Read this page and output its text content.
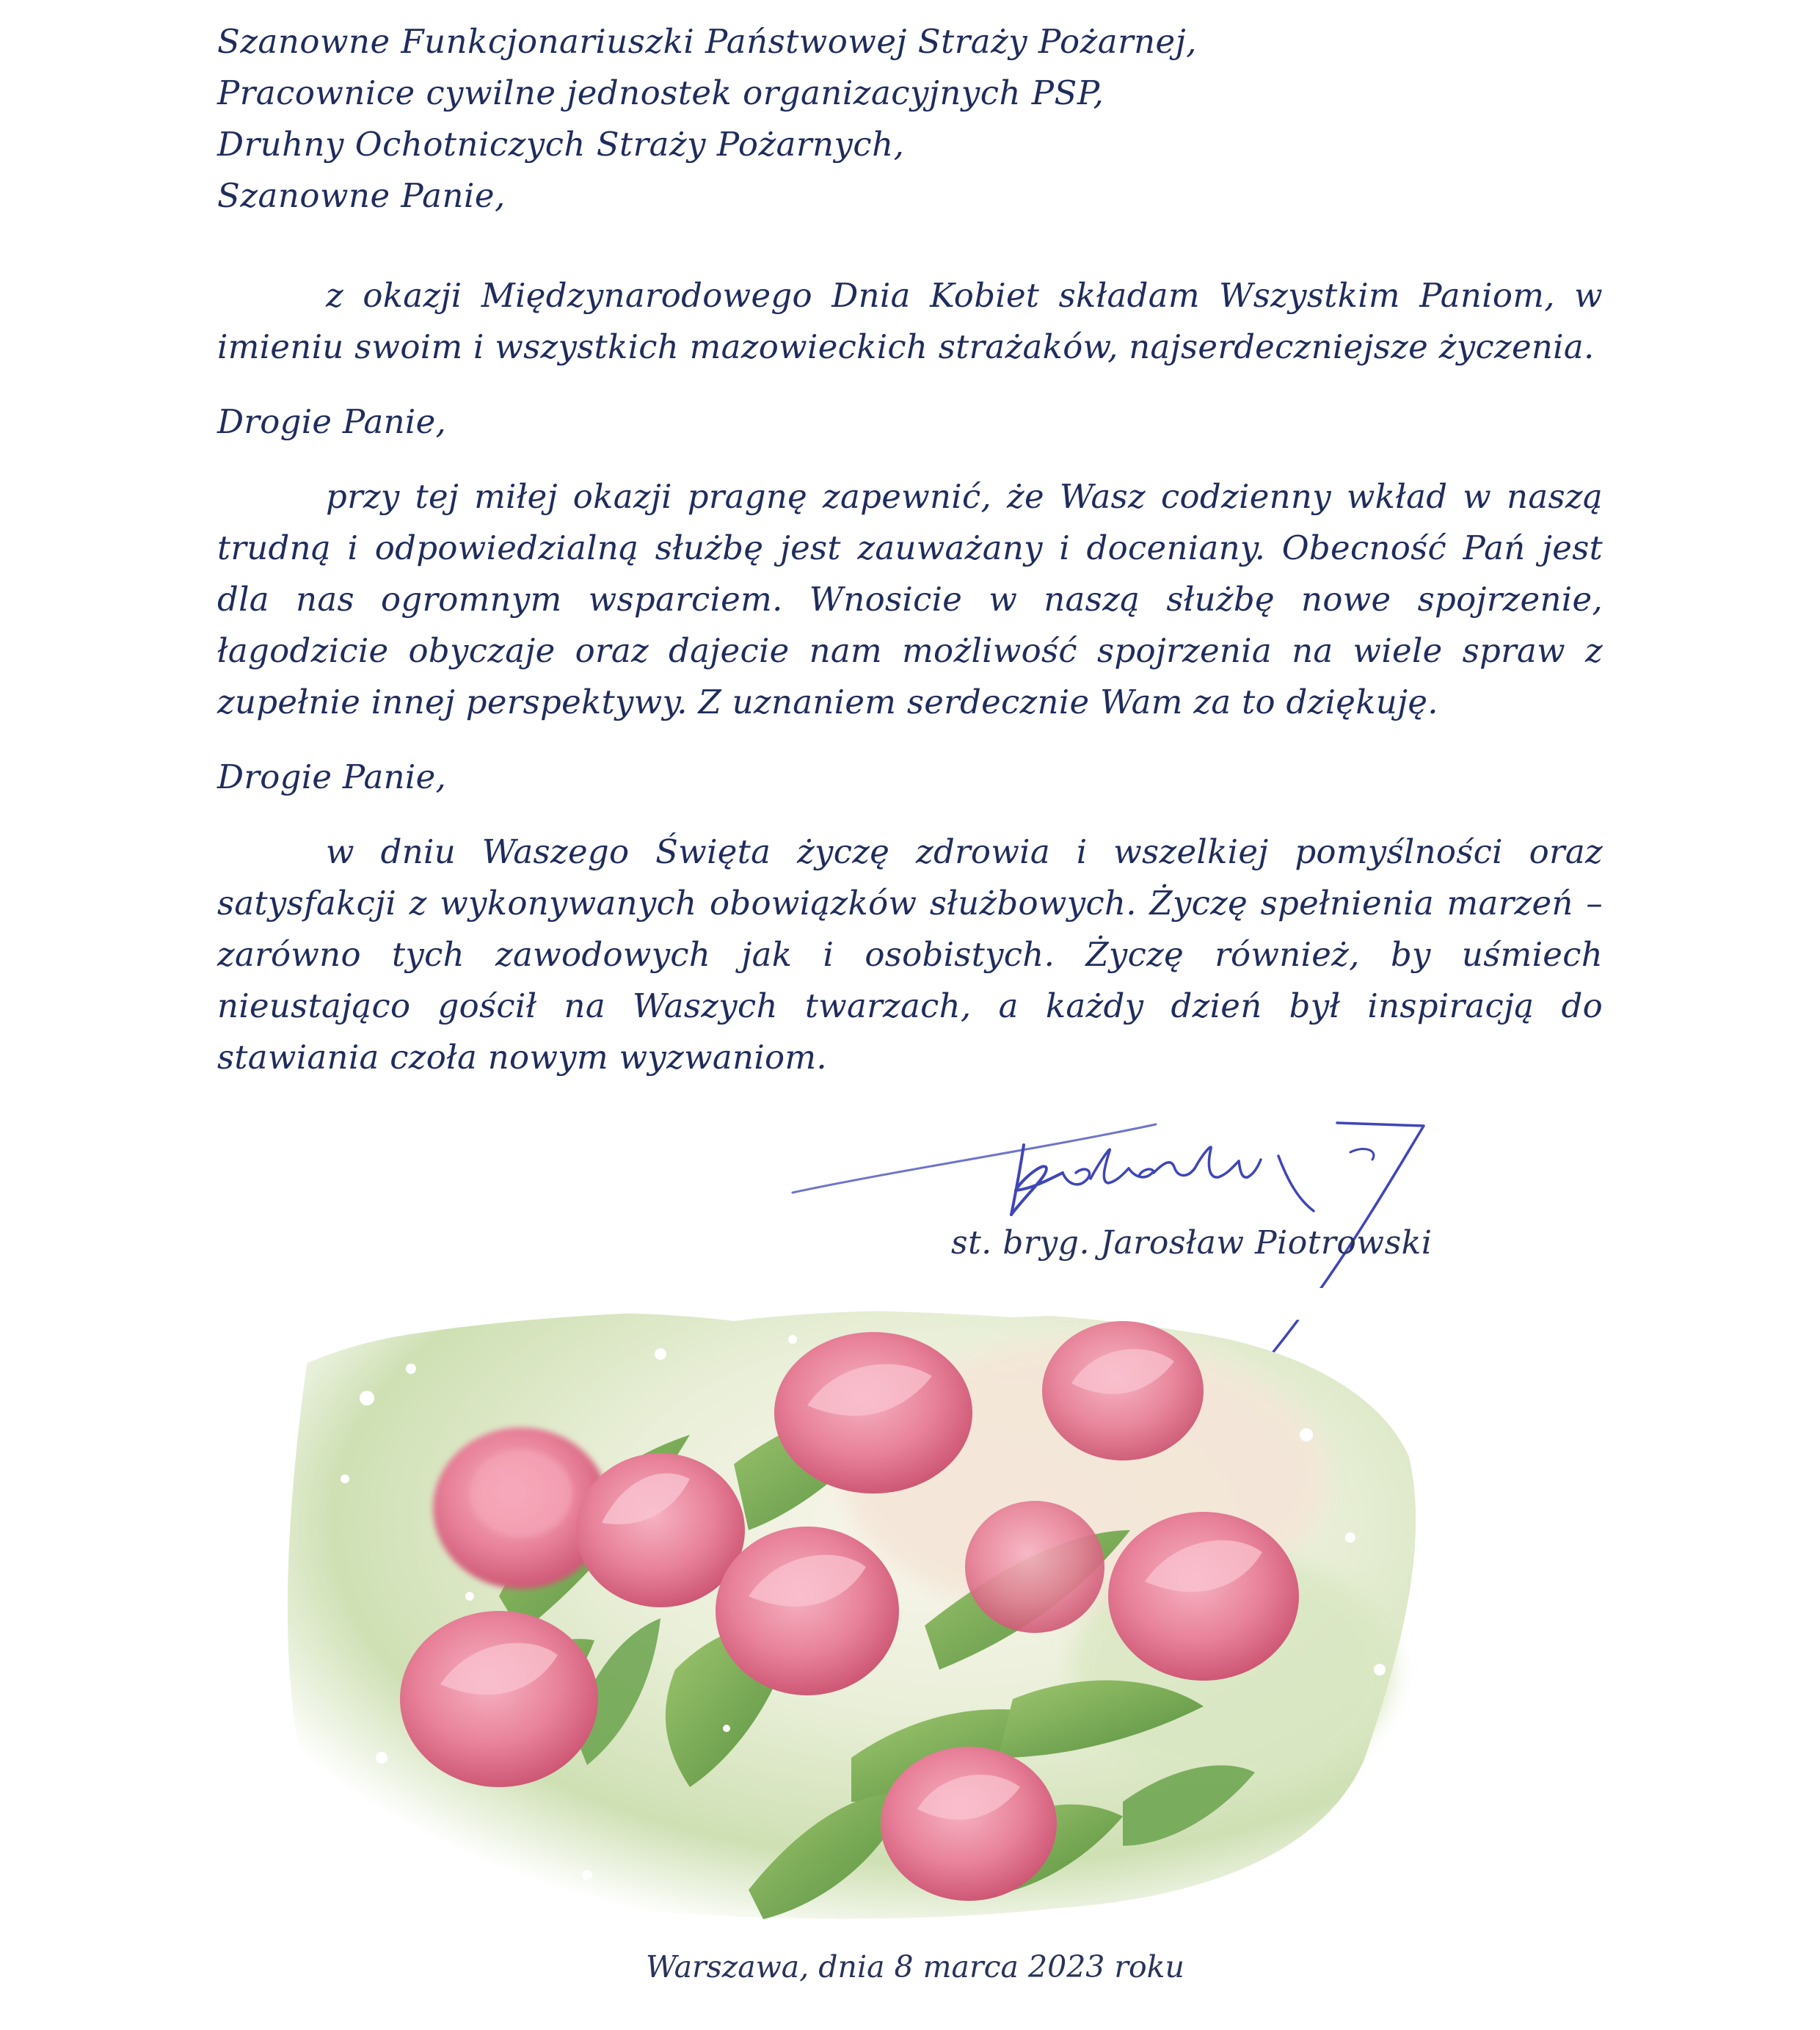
Szanowne Funkcjonariuszki Państwowej Straży Pożarnej,
Pracownice cywilne jednostek organizacyjnych PSP,
Druhny Ochotniczych Straży Pożarnych,
Szanowne Panie,

z okazji Międzynarodowego Dnia Kobiet składam Wszystkim Paniom, w imieniu swoim i wszystkich mazowieckich strażaków, najserdeczniejsze życzenia.

Drogie Panie,

przy tej miłej okazji pragnę zapewnić, że Wasz codzienny wkład w naszą trudną i odpowiedzialną służbę jest zauważany i doceniany. Obecność Pań jest dla nas ogromnym wsparciem. Wnosicie w naszą służbę nowe spojrzenie, łagodzicie obyczaje oraz dajecie nam możliwość spojrzenia na wiele spraw z zupełnie innej perspektywy. Z uznaniem serdecznie Wam za to dziękuję.

Drogie Panie,

w dniu Waszego Święta życzę zdrowia i wszelkiej pomyślności oraz satysfakcji z wykonywanych obowiązków służbowych. Życzę spełnienia marzeń – zarówno tych zawodowych jak i osobistych. Życzę również, by uśmiech nieustająco gościł na Waszych twarzach, a każdy dzień był inspiracją do stawiania czoła nowym wyzwaniom.

st. bryg. Jarosław Piotrowski
Warszawa, dnia 8 marca 2023 roku
